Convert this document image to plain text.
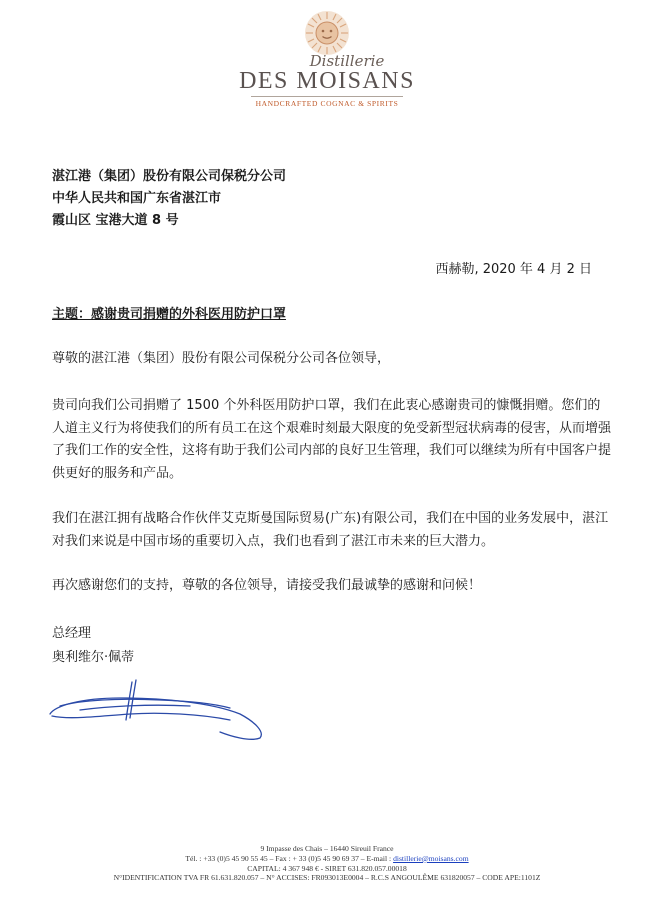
Distillerie
DES MOISANS
HANDCRAFTED COGNAC & SPIRITS
湛江港（集团）股份有限公司保税分公司
中华人民共和国广东省湛江市
霞山区 宝港大道 8 号
西赫勒, 2020 年 4 月 2 日
主题：感谢贵司捐赠的外科医用防护口罩
尊敬的湛江港（集团）股份有限公司保税分公司各位领导，
贵司向我们公司捐赠了 1500 个外科医用防护口罩，我们在此衷心感谢贵司的慷慨捐赠。您们的人道主义行为将使我们的所有员工在这个艰难时刻最大限度的免受新型冠状病毒的侵害，从而增强了我们工作的安全性，这将有助于我们公司内部的良好卫生管理，我们可以继续为所有中国客户提供更好的服务和产品。
我们在湛江拥有战略合作伙伴艾克斯曼国际贸易(广东)有限公司，我们在中国的业务发展中，湛江对我们来说是中国市场的重要切入点，我们也看到了湛江市未来的巨大潜力。
再次感谢您们的支持，尊敬的各位领导，请接受我们最诚挚的感谢和问候！
总经理
奥利维尔·佩蒂
9 Impasse des Chais – 16440 Sireuil France
Tél. : +33 (0)5 45 90 55 45 – Fax : + 33 (0)5 45 90 69 37 – E-mail : distillerie@moisans.com
CAPITAL: 4 367 948 € - SIRET 631.820.057.00018
N°IDENTIFICATION TVA FR 61.631.820.057 – N° ACCISES: FR093013E0004 – R.C.S ANGOULÊME 631820057 – CODE APE:1101Z
